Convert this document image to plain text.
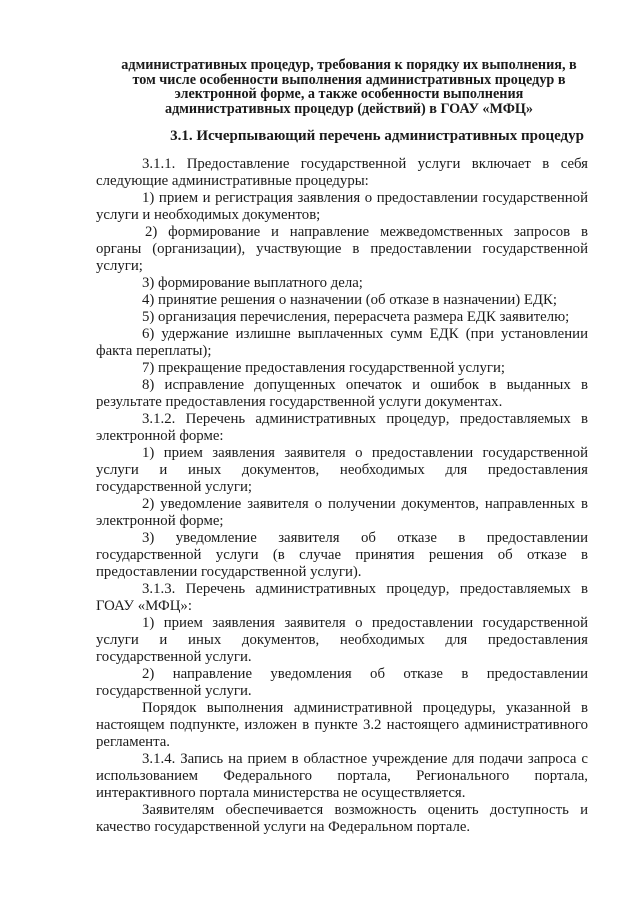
административных процедур, требования к порядку их выполнения, в
том числе особенности выполнения административных процедур в
электронной форме, а также особенности выполнения
административных процедур (действий) в ГОАУ «МФЦ»
3.1. Исчерпывающий перечень административных процедур

3.1.1. Предоставление государственной услуги включает в себя следующие административные процедуры:

1) прием и регистрация заявления о предоставлении государственной услуги и необходимых документов;

2) формирование и направление межведомственных запросов в органы (организации), участвующие в предоставлении государственной услуги;

3) формирование выплатного дела;

4) принятие решения о назначении (об отказе в назначении) ЕДК;

5) организация перечисления, перерасчета размера ЕДК заявителю;

6) удержание излишне выплаченных сумм ЕДК (при установлении факта переплаты);

7) прекращение предоставления государственной услуги;

8) исправление допущенных опечаток и ошибок в выданных в результате предоставления государственной услуги документах.

3.1.2. Перечень административных процедур, предоставляемых в электронной форме:

1) прием заявления заявителя о предоставлении государственной услуги и иных документов, необходимых для предоставления государственной услуги;

2) уведомление заявителя о получении документов, направленных в электронной форме;

3) уведомление заявителя об отказе в предоставлении государственной услуги (в случае принятия решения об отказе в предоставлении государственной услуги).

3.1.3. Перечень административных процедур, предоставляемых в ГОАУ «МФЦ»:

1) прием заявления заявителя о предоставлении государственной услуги и иных документов, необходимых для предоставления государственной услуги.

2) направление уведомления об отказе в предоставлении государственной услуги.

Порядок выполнения административной процедуры, указанной в настоящем подпункте, изложен в пункте 3.2 настоящего административного регламента.

3.1.4. Запись на прием в областное учреждение для подачи запроса с использованием Федерального портала, Регионального портала, интерактивного портала министерства не осуществляется.

Заявителям обеспечивается возможность оценить доступность и качество государственной услуги на Федеральном портале.
